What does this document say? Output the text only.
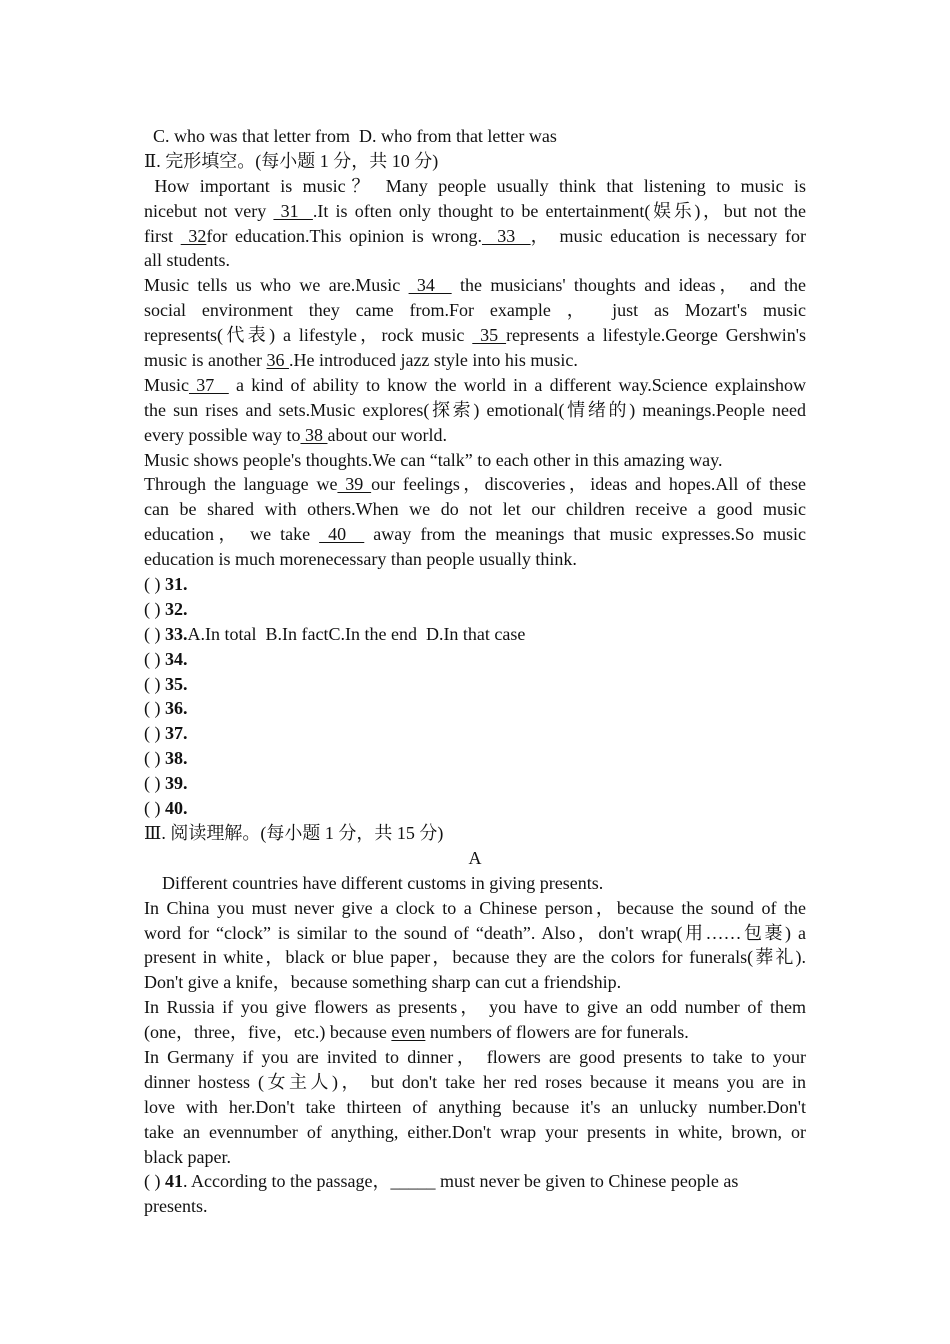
C. who was that letter from  D. who from that letter was
Ⅱ. 完形填空。(每小题 1 分，共 10 分)
How important is music？ Many people usually think that listening to music is
nicebut not very  31  .It is often only thought to be entertainment(娱乐)，but not the
first  32for education.This opinion is wrong.  33  ， music education is necessary for
all students.
Music tells us who we are.Music  34   the musicians' thoughts and ideas， and the
social environment they came from.For example ， just as Mozart's music
represents(代表) a lifestyle，rock music  35 represents a lifestyle.George Gershwin's
music is another 36 .He introduced jazz style into his music.
Music 37   a kind of ability to know the world in a different way.Science explainshow
the sun rises and sets.Music explores(探索) emotional(情绪的) meanings.People need
every possible way to 38 about our world.
Music shows people's thoughts.We can “talk” to each other in this amazing way.
Through the language we 39 our feelings，discoveries，ideas and hopes.All of these
can be shared with others.When we do not let our children receive a good music
education， we take  40   away from the meanings that music expresses.So music
education is much morenecessary than people usually think.
( ) 31.
( ) 32.
( ) 33.A.In total  B.In factC.In the end  D.In that case
( ) 34.
( ) 35.
( ) 36.
( ) 37.
( ) 38.
( ) 39.
( ) 40.
Ⅲ. 阅读理解。(每小题 1 分，共 15 分)
A
Different countries have different customs in giving presents.
In China you must never give a clock to a Chinese person，because the sound of the
word for “clock” is similar to the sound of “death”. Also，don't wrap(用……包裹) a
present in white，black or blue paper，because they are the colors for funerals(葬礼).
Don't give a knife，because something sharp can cut a friendship.
In Russia if you give flowers as presents， you have to give an odd number of them
(one，three，five，etc.) because even numbers of flowers are for funerals.
In Germany if you are invited to dinner， flowers are good presents to take to your
dinner hostess (女主人)， but don't take her red roses because it means you are in
love with her.Don't take thirteen of anything because it's an unlucky number.Don't
take an evennumber of anything, either.Don't wrap your presents in white, brown, or
black paper.
( ) 41. According to the passage，_____ must never be given to Chinese people as
presents.
